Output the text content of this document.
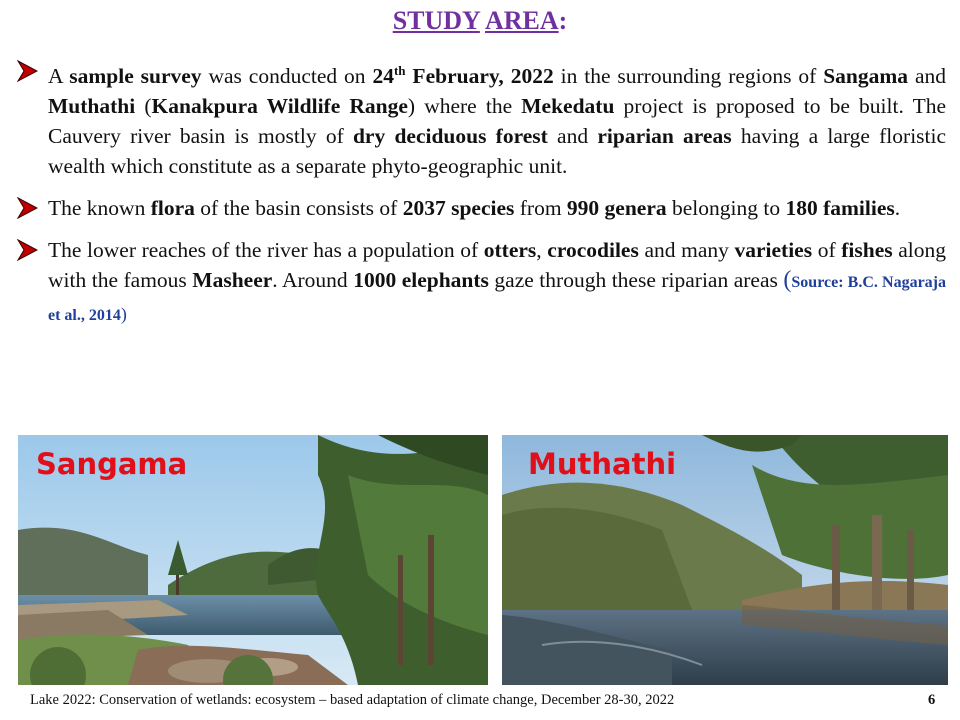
STUDY AREA:
A sample survey was conducted on 24th February, 2022 in the surrounding regions of Sangama and Muthathi (Kanakpura Wildlife Range) where the Mekedatu project is proposed to be built. The Cauvery river basin is mostly of dry deciduous forest and riparian areas having a large floristic wealth which constitute as a separate phyto-geographic unit.
The known flora of the basin consists of 2037 species from 990 genera belonging to 180 families.
The lower reaches of the river has a population of otters, crocodiles and many varieties of fishes along with the famous Masheer. Around 1000 elephants gaze through these riparian areas (Source: B.C. Nagaraja et al., 2014)
Sangama	Muthathi
Lake 2022: Conservation of wetlands: ecosystem – based adaptation of climate change, December 28-30, 2022	6
